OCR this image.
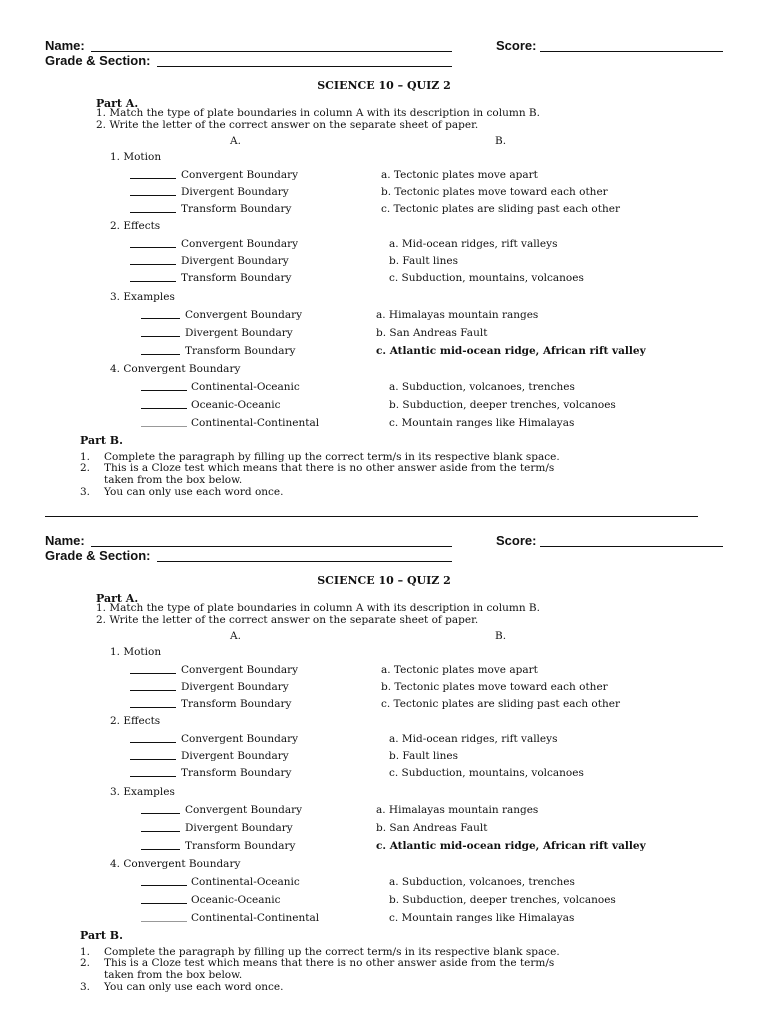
Name:	Score:
Grade & Section:
SCIENCE 10 – QUIZ 2
Part A.
1. Match the type of plate boundaries in column A with its description in column B.
2. Write the letter of the correct answer on the separate sheet of paper.
A.	B.
1. Motion
Convergent Boundary	a. Tectonic plates move apart
Divergent Boundary	b. Tectonic plates move toward each other
Transform Boundary	c. Tectonic plates are sliding past each other
2. Effects
Convergent Boundary	a. Mid-ocean ridges, rift valleys
Divergent Boundary	b. Fault lines
Transform Boundary	c. Subduction, mountains, volcanoes
3. Examples
Convergent Boundary	a. Himalayas mountain ranges
Divergent Boundary	b. San Andreas Fault
Transform Boundary	c. Atlantic mid-ocean ridge, African rift valley
4. Convergent Boundary
Continental-Oceanic	a. Subduction, volcanoes, trenches
Oceanic-Oceanic	b. Subduction, deeper trenches, volcanoes
Continental-Continental	c. Mountain ranges like Himalayas
Part B.
1. Complete the paragraph by filling up the correct term/s in its respective blank space.
2. This is a Cloze test which means that there is no other answer aside from the term/s
taken from the box below.
3. You can only use each word once.
Name:	Score:
Grade & Section:
SCIENCE 10 – QUIZ 2
Part A.
1. Match the type of plate boundaries in column A with its description in column B.
2. Write the letter of the correct answer on the separate sheet of paper.
A.	B.
1. Motion
Convergent Boundary	a. Tectonic plates move apart
Divergent Boundary	b. Tectonic plates move toward each other
Transform Boundary	c. Tectonic plates are sliding past each other
2. Effects
Convergent Boundary	a. Mid-ocean ridges, rift valleys
Divergent Boundary	b. Fault lines
Transform Boundary	c. Subduction, mountains, volcanoes
3. Examples
Convergent Boundary	a. Himalayas mountain ranges
Divergent Boundary	b. San Andreas Fault
Transform Boundary	c. Atlantic mid-ocean ridge, African rift valley
4. Convergent Boundary
Continental-Oceanic	a. Subduction, volcanoes, trenches
Oceanic-Oceanic	b. Subduction, deeper trenches, volcanoes
Continental-Continental	c. Mountain ranges like Himalayas
Part B.
1. Complete the paragraph by filling up the correct term/s in its respective blank space.
2. This is a Cloze test which means that there is no other answer aside from the term/s
taken from the box below.
3. You can only use each word once.
